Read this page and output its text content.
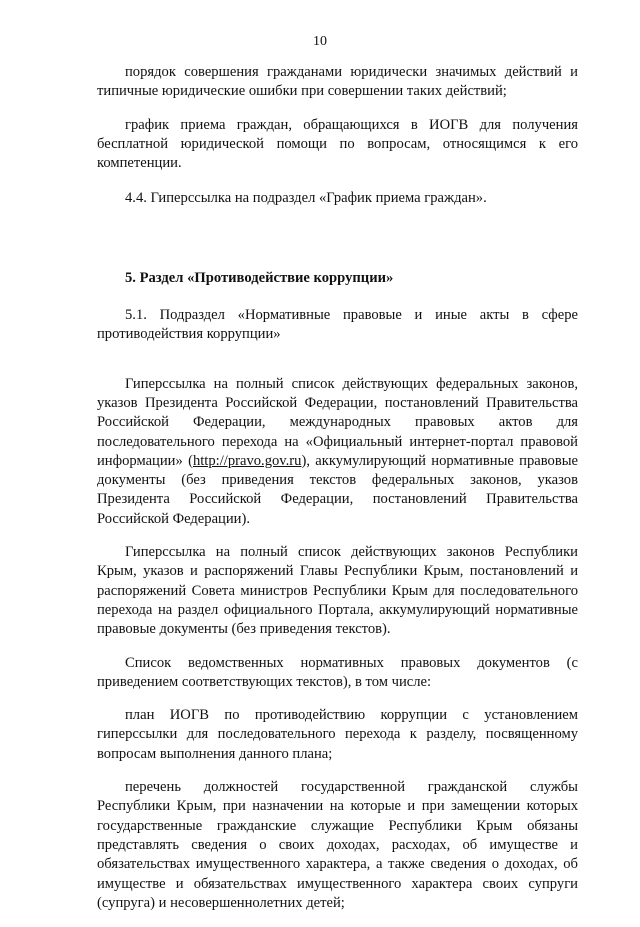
10

порядок совершения гражданами юридически значимых действий и типичные юридические ошибки при совершении таких действий;

график приема граждан, обращающихся в ИОГВ для получения бесплатной юридической помощи по вопросам, относящимся к его компетенции.

4.4. Гиперссылка на подраздел «График приема граждан».

5. Раздел «Противодействие коррупции»

5.1. Подраздел «Нормативные правовые и иные акты в сфере противодействия коррупции»

Гиперссылка на полный список действующих федеральных законов, указов Президента Российской Федерации, постановлений Правительства Российской Федерации, международных правовых актов для последовательного перехода на «Официальный интернет-портал правовой информации» (http://pravo.gov.ru), аккумулирующий нормативные правовые документы (без приведения текстов федеральных законов, указов Президента Российской Федерации, постановлений Правительства Российской Федерации).

Гиперссылка на полный список действующих законов Республики Крым, указов и распоряжений Главы Республики Крым, постановлений и распоряжений Совета министров Республики Крым для последовательного перехода на раздел официального Портала, аккумулирующий нормативные правовые документы (без приведения текстов).

Список ведомственных нормативных правовых документов (с приведением соответствующих текстов), в том числе:

план ИОГВ по противодействию коррупции с установлением гиперссылки для последовательного перехода к разделу, посвященному вопросам выполнения данного плана;

перечень должностей государственной гражданской службы Республики Крым, при назначении на которые и при замещении которых государственные гражданские служащие Республики Крым обязаны представлять сведения о своих доходах, расходах, об имуществе и обязательствах имущественного характера, а также сведения о доходах, об имуществе и обязательствах имущественного характера своих супруги (супруга) и несовершеннолетних детей;
